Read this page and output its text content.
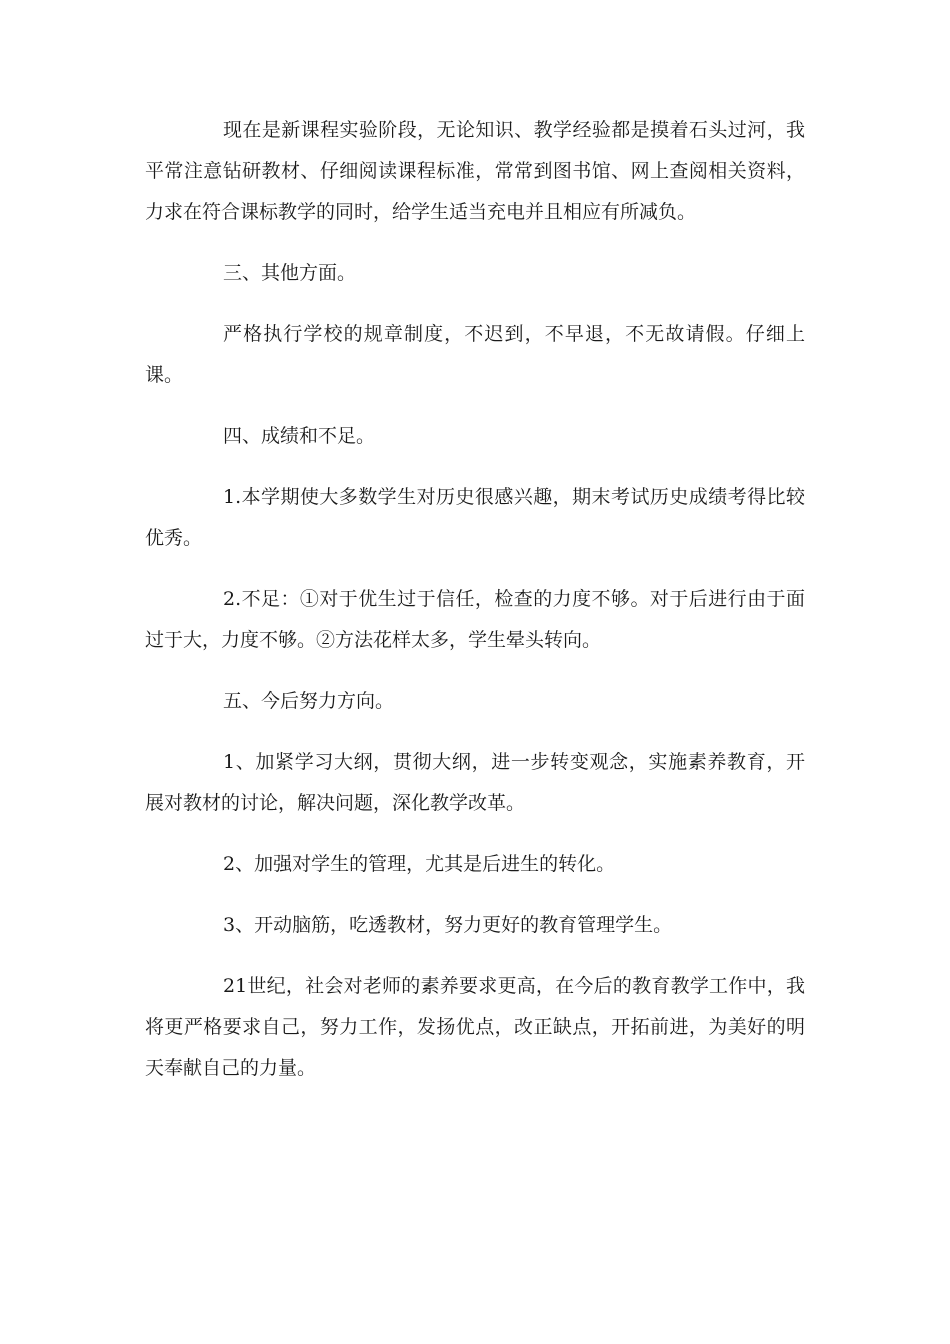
现在是新课程实验阶段，无论知识、教学经验都是摸着石头过河，我平常注意钻研教材、仔细阅读课程标准，常常到图书馆、网上查阅相关资料，力求在符合课标教学的同时，给学生适当充电并且相应有所减负。

三、其他方面。

严格执行学校的规章制度，不迟到，不早退，不无故请假。仔细上课。

四、成绩和不足。

1.本学期使大多数学生对历史很感兴趣，期末考试历史成绩考得比较优秀。

2.不足：①对于优生过于信任，检查的力度不够。对于后进行由于面过于大，力度不够。②方法花样太多，学生晕头转向。

五、今后努力方向。

1、加紧学习大纲，贯彻大纲，进一步转变观念，实施素养教育，开展对教材的讨论，解决问题，深化教学改革。

2、加强对学生的管理，尤其是后进生的转化。

3、开动脑筋，吃透教材，努力更好的教育管理学生。

21世纪，社会对老师的素养要求更高，在今后的教育教学工作中，我将更严格要求自己，努力工作，发扬优点，改正缺点，开拓前进，为美好的明天奉献自己的力量。
